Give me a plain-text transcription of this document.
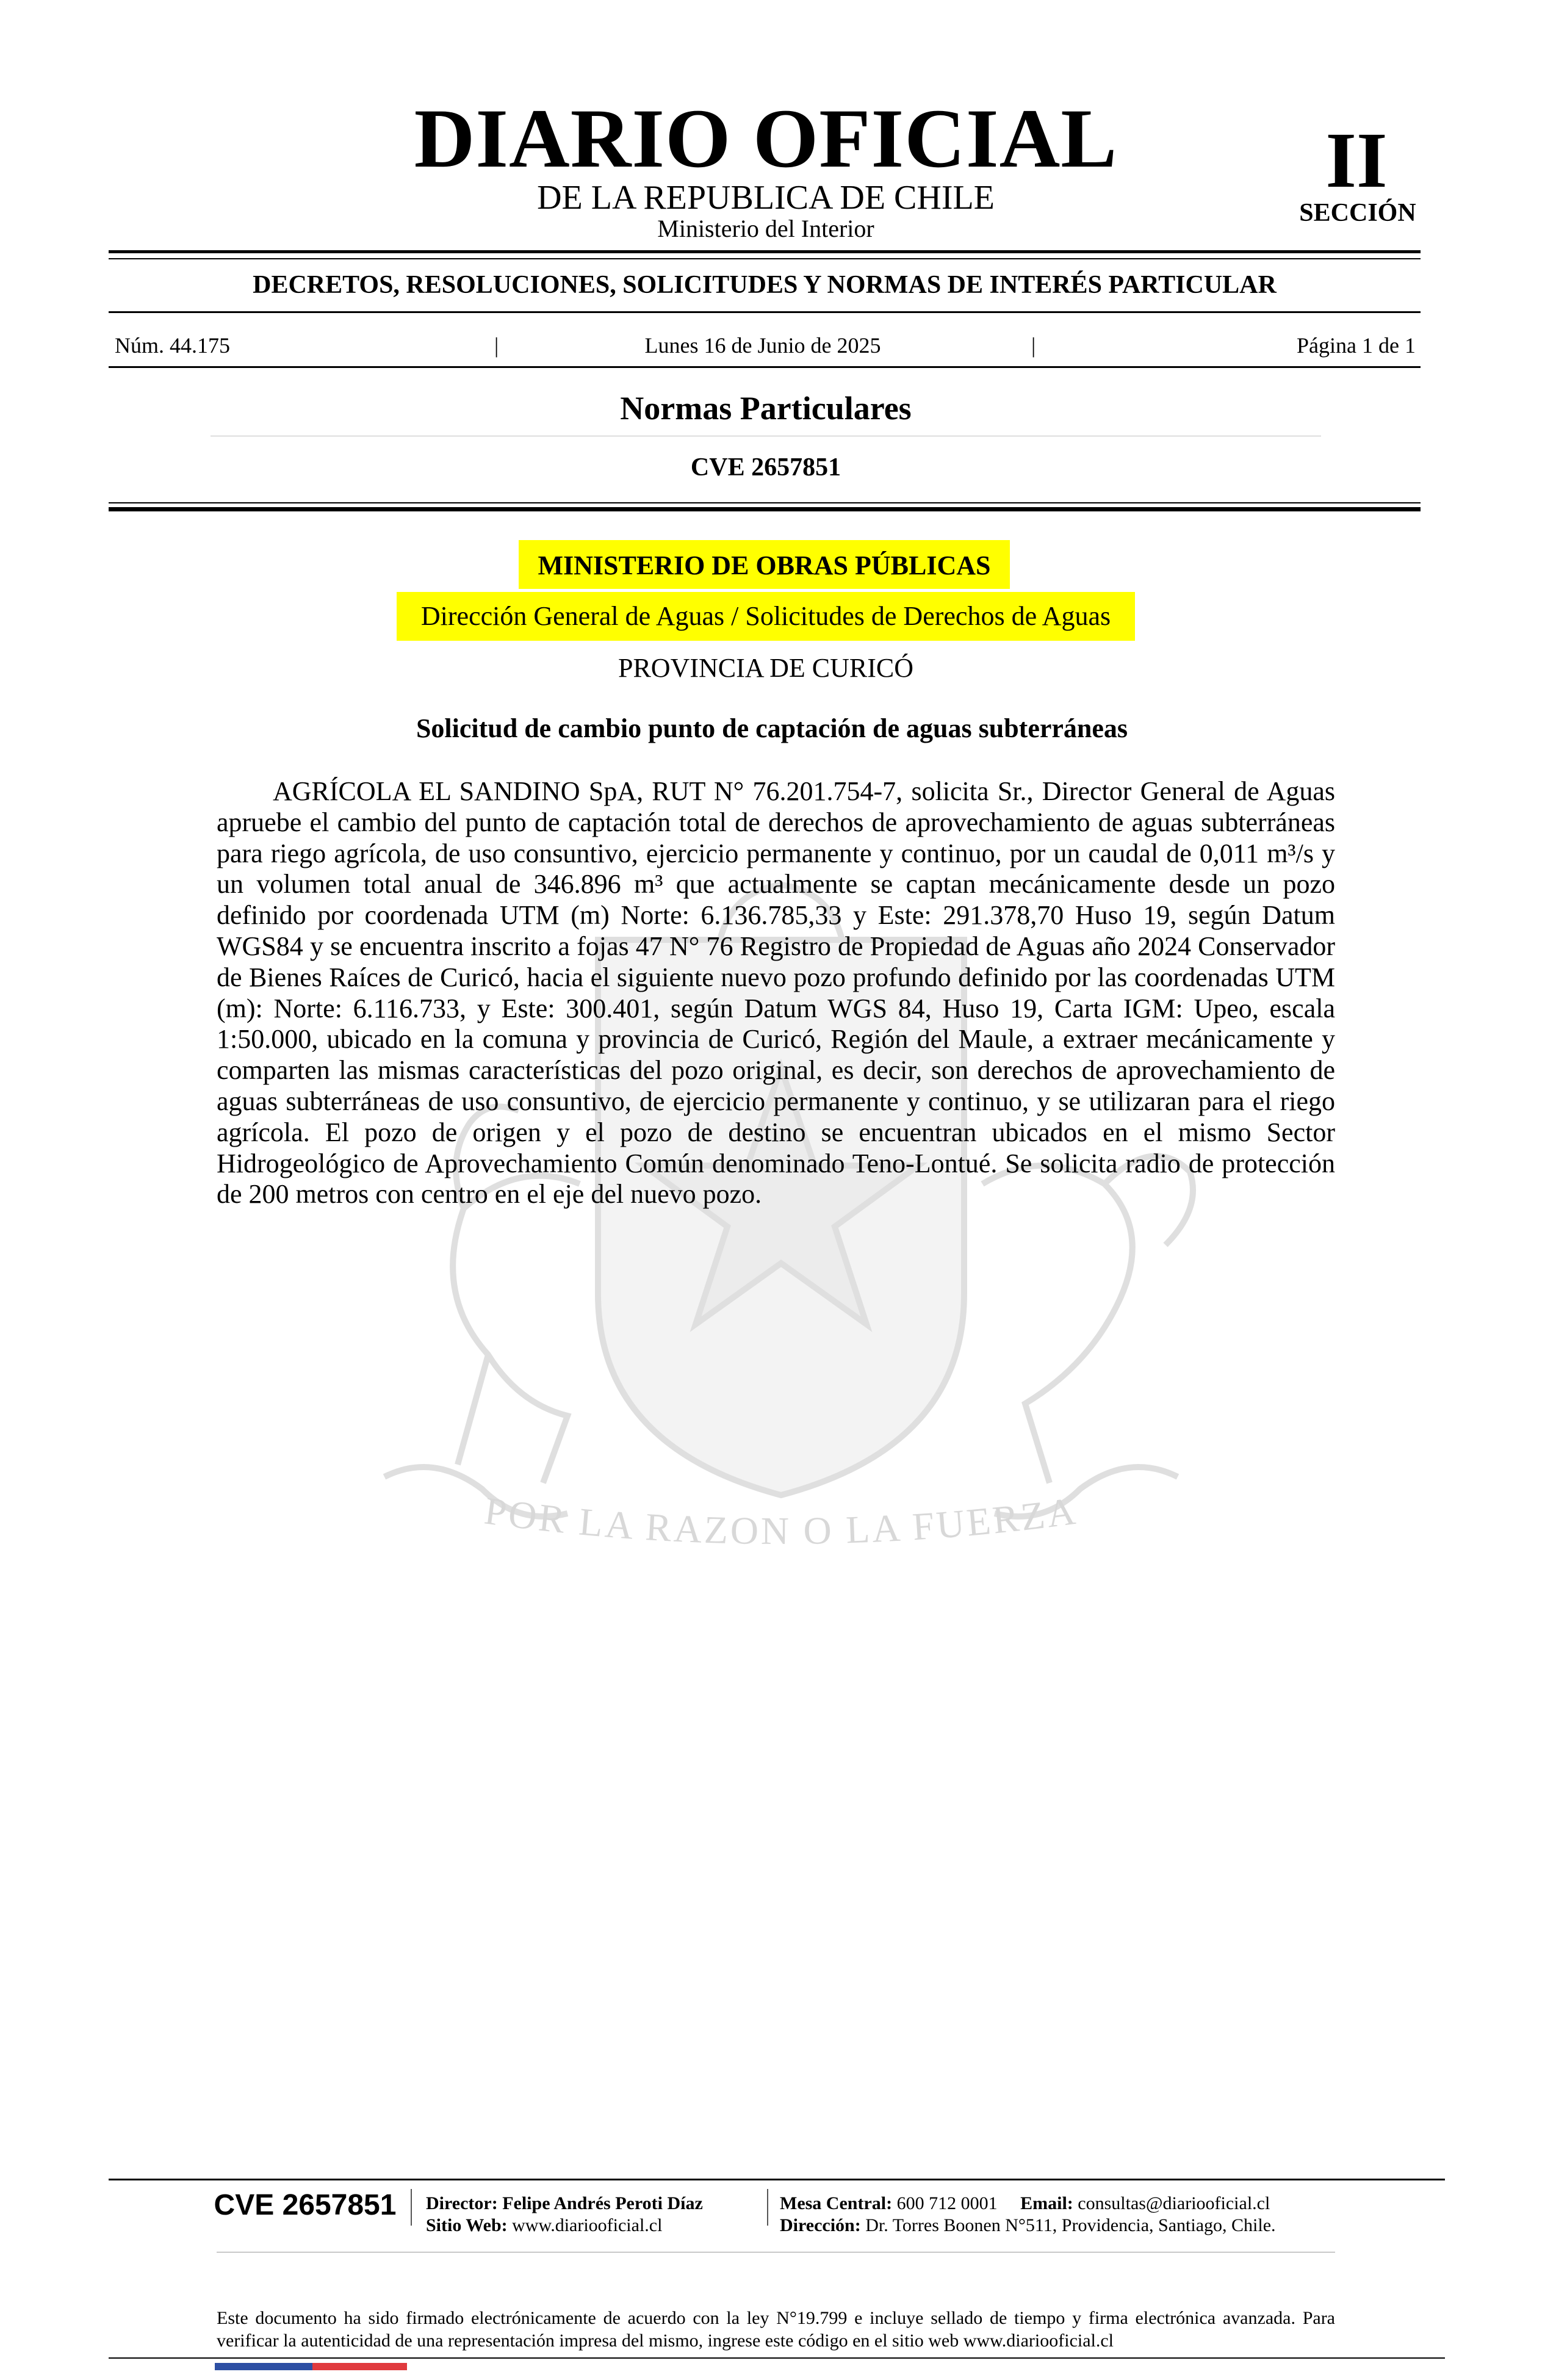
POR LA RAZON O LA FUERZA
DIARIO OFICIAL
DE LA REPUBLICA DE CHILE
Ministerio del Interior
II
SECCIÓN
DECRETOS, RESOLUCIONES, SOLICITUDES Y NORMAS DE INTERÉS PARTICULAR
Núm. 44.175	|	Lunes 16 de Junio de 2025	|	Página 1 de 1
Normas Particulares
CVE 2657851
MINISTERIO DE OBRAS PÚBLICAS
Dirección General de Aguas / Solicitudes de Derechos de Aguas
PROVINCIA DE CURICÓ
Solicitud de cambio punto de captación de aguas subterráneas

AGRÍCOLA EL SANDINO SpA, RUT N° 76.201.754-7, solicita Sr., Director General de Aguas apruebe el cambio del punto de captación total de derechos de aprovechamiento de aguas subterráneas para riego agrícola, de uso consuntivo, ejercicio permanente y continuo, por un caudal de 0,011 m³/s y un volumen total anual de 346.896 m³ que actualmente se captan mecánicamente desde un pozo definido por coordenada UTM (m) Norte: 6.136.785,33 y Este: 291.378,70 Huso 19, según Datum WGS84 y se encuentra inscrito a fojas 47 N° 76 Registro de Propiedad de Aguas año 2024 Conservador de Bienes Raíces de Curicó, hacia el siguiente nuevo pozo profundo definido por las coordenadas UTM (m): Norte: 6.116.733, y Este: 300.401, según Datum WGS 84, Huso 19, Carta IGM: Upeo, escala 1:50.000, ubicado en la comuna y provincia de Curicó, Región del Maule, a extraer mecánicamente y comparten las mismas características del pozo original, es decir, son derechos de aprovechamiento de aguas subterráneas de uso consuntivo, de ejercicio permanente y continuo, y se utilizaran para el riego agrícola. El pozo de origen y el pozo de destino se encuentran ubicados en el mismo Sector Hidrogeológico de Aprovechamiento Común denominado Teno-Lontué. Se solicita radio de protección de 200 metros con centro en el eje del nuevo pozo.

CVE 2657851	Director: Felipe Andrés Peroti Díaz
Sitio Web: www.diariooficial.cl
Mesa Central: 600 712 0001 Email: consultas@diariooficial.cl
Dirección: Dr. Torres Boonen N°511, Providencia, Santiago, Chile.

Este documento ha sido firmado electrónicamente de acuerdo con la ley N°19.799 e incluye sellado de tiempo y firma electrónica avanzada. Para verificar la autenticidad de una representación impresa del mismo, ingrese este código en el sitio web www.diariooficial.cl
